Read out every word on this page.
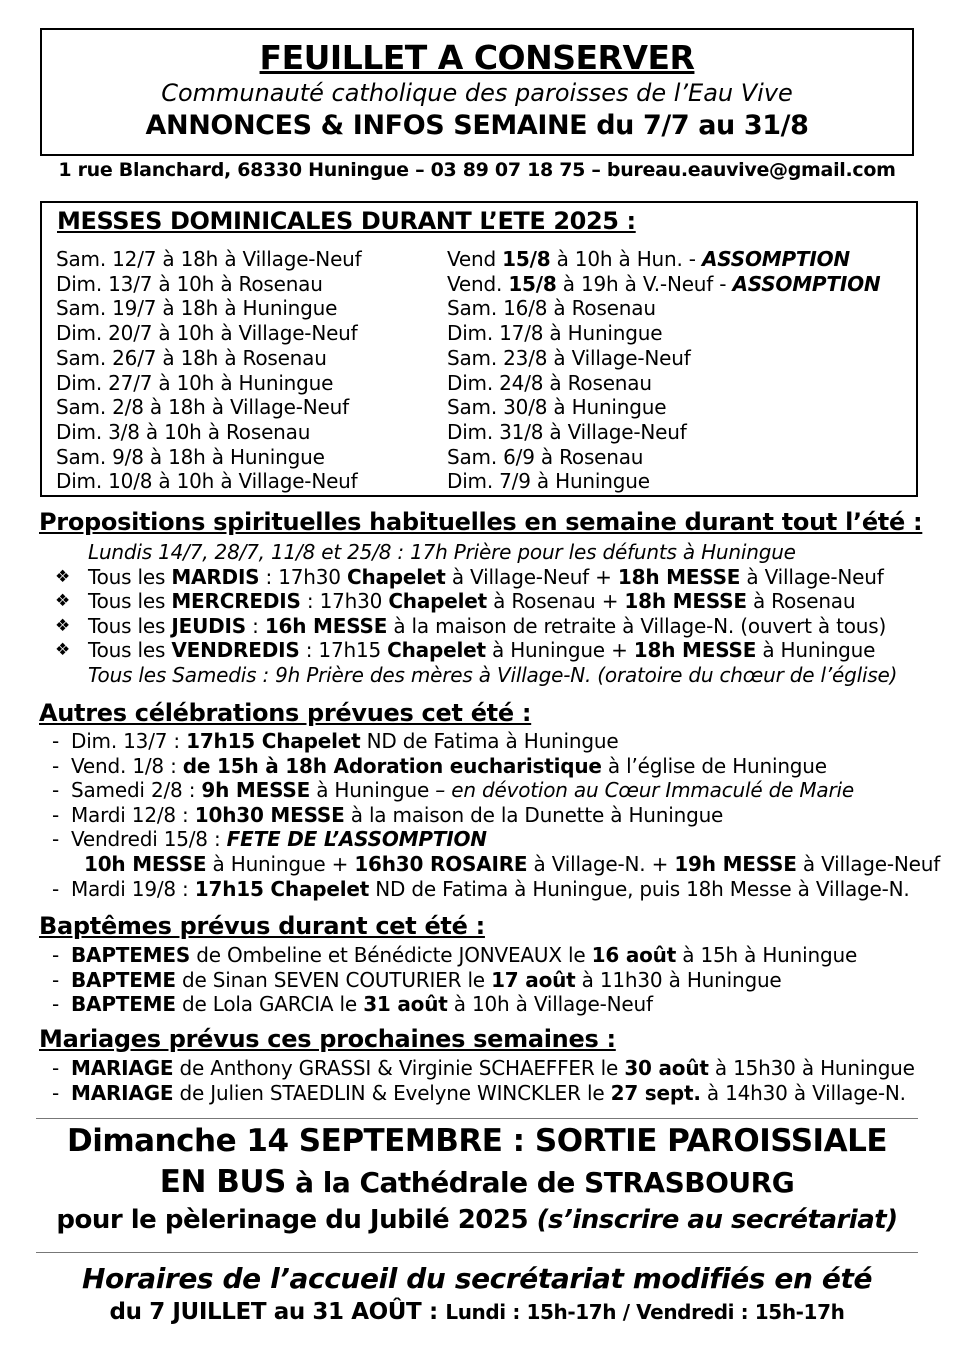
FEUILLET A CONSERVER
Communauté catholique des paroisses de l’Eau Vive
ANNONCES & INFOS SEMAINE du 7/7 au 31/8
1 rue Blanchard, 68330 Huningue – 03 89 07 18 75 – bureau.eauvive@gmail.com
MESSES DOMINICALES DURANT L’ETE 2025 :
Sam. 12/7 à 18h à Village-Neuf
Dim. 13/7 à 10h à Rosenau
Sam. 19/7 à 18h à Huningue
Dim. 20/7 à 10h à Village-Neuf
Sam. 26/7 à 18h à Rosenau
Dim. 27/7 à 10h à Huningue
Sam. 2/8 à 18h à Village-Neuf
Dim. 3/8 à 10h à Rosenau
Sam. 9/8 à 18h à Huningue
Dim. 10/8 à 10h à Village-Neuf
Vend 15/8 à 10h à Hun. - ASSOMPTION
Vend. 15/8 à 19h à V.-Neuf - ASSOMPTION
Sam. 16/8 à Rosenau
Dim. 17/8 à Huningue
Sam. 23/8 à Village-Neuf
Dim. 24/8 à Rosenau
Sam. 30/8 à Huningue
Dim. 31/8 à Village-Neuf
Sam. 6/9 à Rosenau
Dim. 7/9 à Huningue
Propositions spirituelles habituelles en semaine durant tout l’été :
Lundis 14/7, 28/7, 11/8 et 25/8 : 17h Prière pour les défunts à Huningue
❖ Tous les MARDIS : 17h30 Chapelet à Village-Neuf + 18h MESSE à Village-Neuf
❖ Tous les MERCREDIS : 17h30 Chapelet à Rosenau + 18h MESSE à Rosenau
❖ Tous les JEUDIS : 16h MESSE à la maison de retraite à Village-N. (ouvert à tous)
❖ Tous les VENDREDIS : 17h15 Chapelet à Huningue + 18h MESSE à Huningue
Tous les Samedis : 9h Prière des mères à Village-N. (oratoire du chœur de l’église)
Autres célébrations prévues cet été :
- Dim. 13/7 : 17h15 Chapelet ND de Fatima à Huningue
- Vend. 1/8 : de 15h à 18h Adoration eucharistique à l’église de Huningue
- Samedi 2/8 : 9h MESSE à Huningue – en dévotion au Cœur Immaculé de Marie
- Mardi 12/8 : 10h30 MESSE à la maison de la Dunette à Huningue
- Vendredi 15/8 : FETE DE L’ASSOMPTION
10h MESSE à Huningue + 16h30 ROSAIRE à Village-N. + 19h MESSE à Village-Neuf
- Mardi 19/8 : 17h15 Chapelet ND de Fatima à Huningue, puis 18h Messe à Village-N.
Baptêmes prévus durant cet été :
- BAPTEMES de Ombeline et Bénédicte JONVEAUX le 16 août à 15h à Huningue
- BAPTEME de Sinan SEVEN COUTURIER le 17 août à 11h30 à Huningue
- BAPTEME de Lola GARCIA le 31 août à 10h à Village-Neuf
Mariages prévus ces prochaines semaines :
- MARIAGE de Anthony GRASSI & Virginie SCHAEFFER le 30 août à 15h30 à Huningue
- MARIAGE de Julien STAEDLIN & Evelyne WINCKLER le 27 sept. à 14h30 à Village-N.
Dimanche 14 SEPTEMBRE : SORTIE PAROISSIALE
EN BUS à la Cathédrale de STRASBOURG
pour le pèlerinage du Jubilé 2025 (s’inscrire au secrétariat)
Horaires de l’accueil du secrétariat modifiés en été
du 7 JUILLET au 31 AOÛT : Lundi : 15h-17h / Vendredi : 15h-17h
